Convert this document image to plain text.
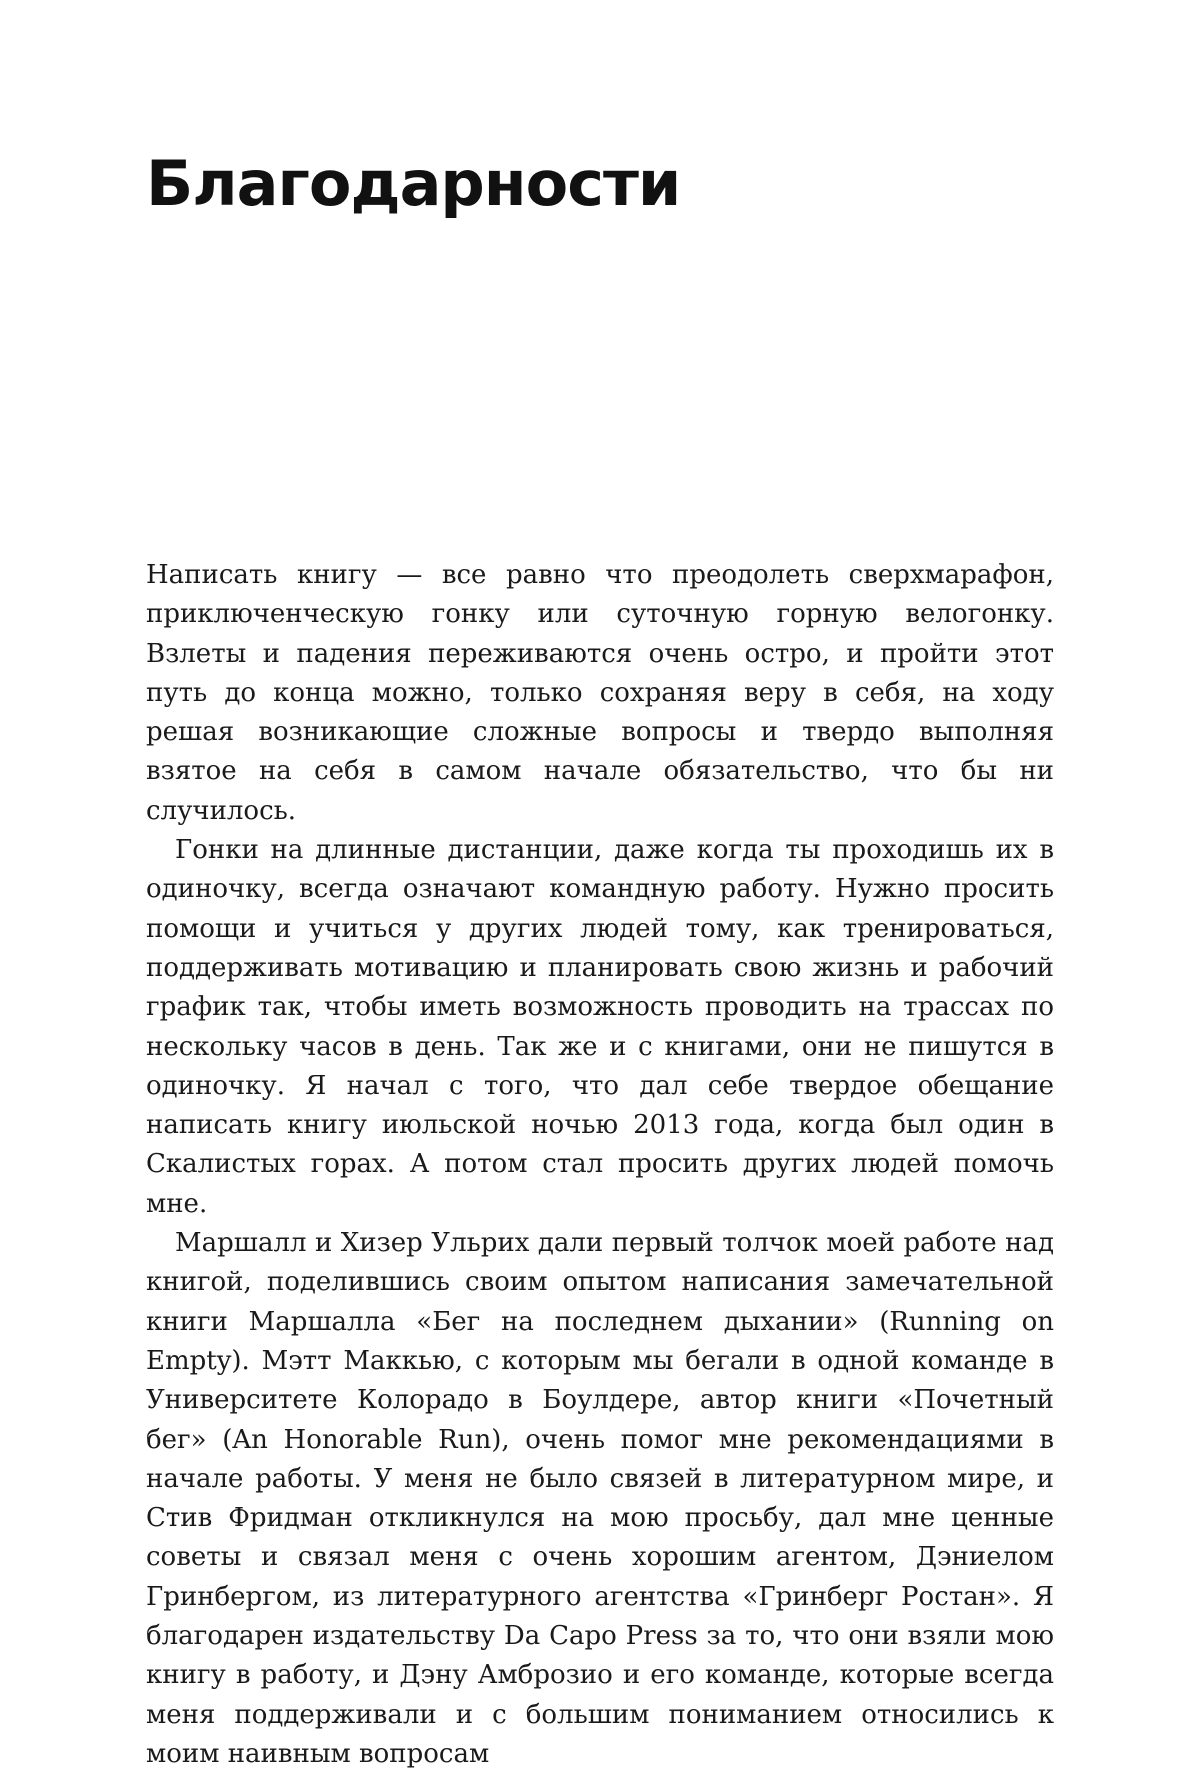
Благодарности

Написать книгу — все равно что преодолеть сверхмарафон, приключенческую гонку или суточную горную велогонку. Взлеты и падения переживаются очень остро, и пройти этот путь до конца можно, только сохраняя веру в себя, на ходу решая возникающие сложные вопросы и твердо выполняя взятое на себя в самом начале обязательство, что бы ни случилось.

Гонки на длинные дистанции, даже когда ты проходишь их в одиночку, всегда означают командную работу. Нужно просить помощи и учиться у других людей тому, как тренироваться, поддерживать мотивацию и планировать свою жизнь и рабочий график так, чтобы иметь возможность проводить на трассах по нескольку часов в день. Так же и с книгами, они не пишутся в одиночку. Я начал с того, что дал себе твердое обещание написать книгу июльской ночью 2013 года, когда был один в Скалистых горах. А потом стал просить других людей помочь мне.

Маршалл и Хизер Ульрих дали первый толчок моей работе над книгой, поделившись своим опытом написания замечательной книги Маршалла «Бег на последнем дыхании» (Running on Empty). Мэтт Маккью, с которым мы бегали в одной команде в Университете Колорадо в Боулдере, автор книги «Почетный бег» (An Honorable Run), очень помог мне рекомендациями в начале работы. У меня не было связей в литературном мире, и Стив Фридман откликнулся на мою просьбу, дал мне ценные советы и связал меня с очень хорошим агентом, Дэниелом Гринбергом, из литературного агентства «Гринберг Ростан». Я благодарен издательству Da Capo Press за то, что они взяли мою книгу в работу, и Дэну Амброзио и его команде, которые всегда меня поддерживали и с большим пониманием относились к моим наивным вопросам
